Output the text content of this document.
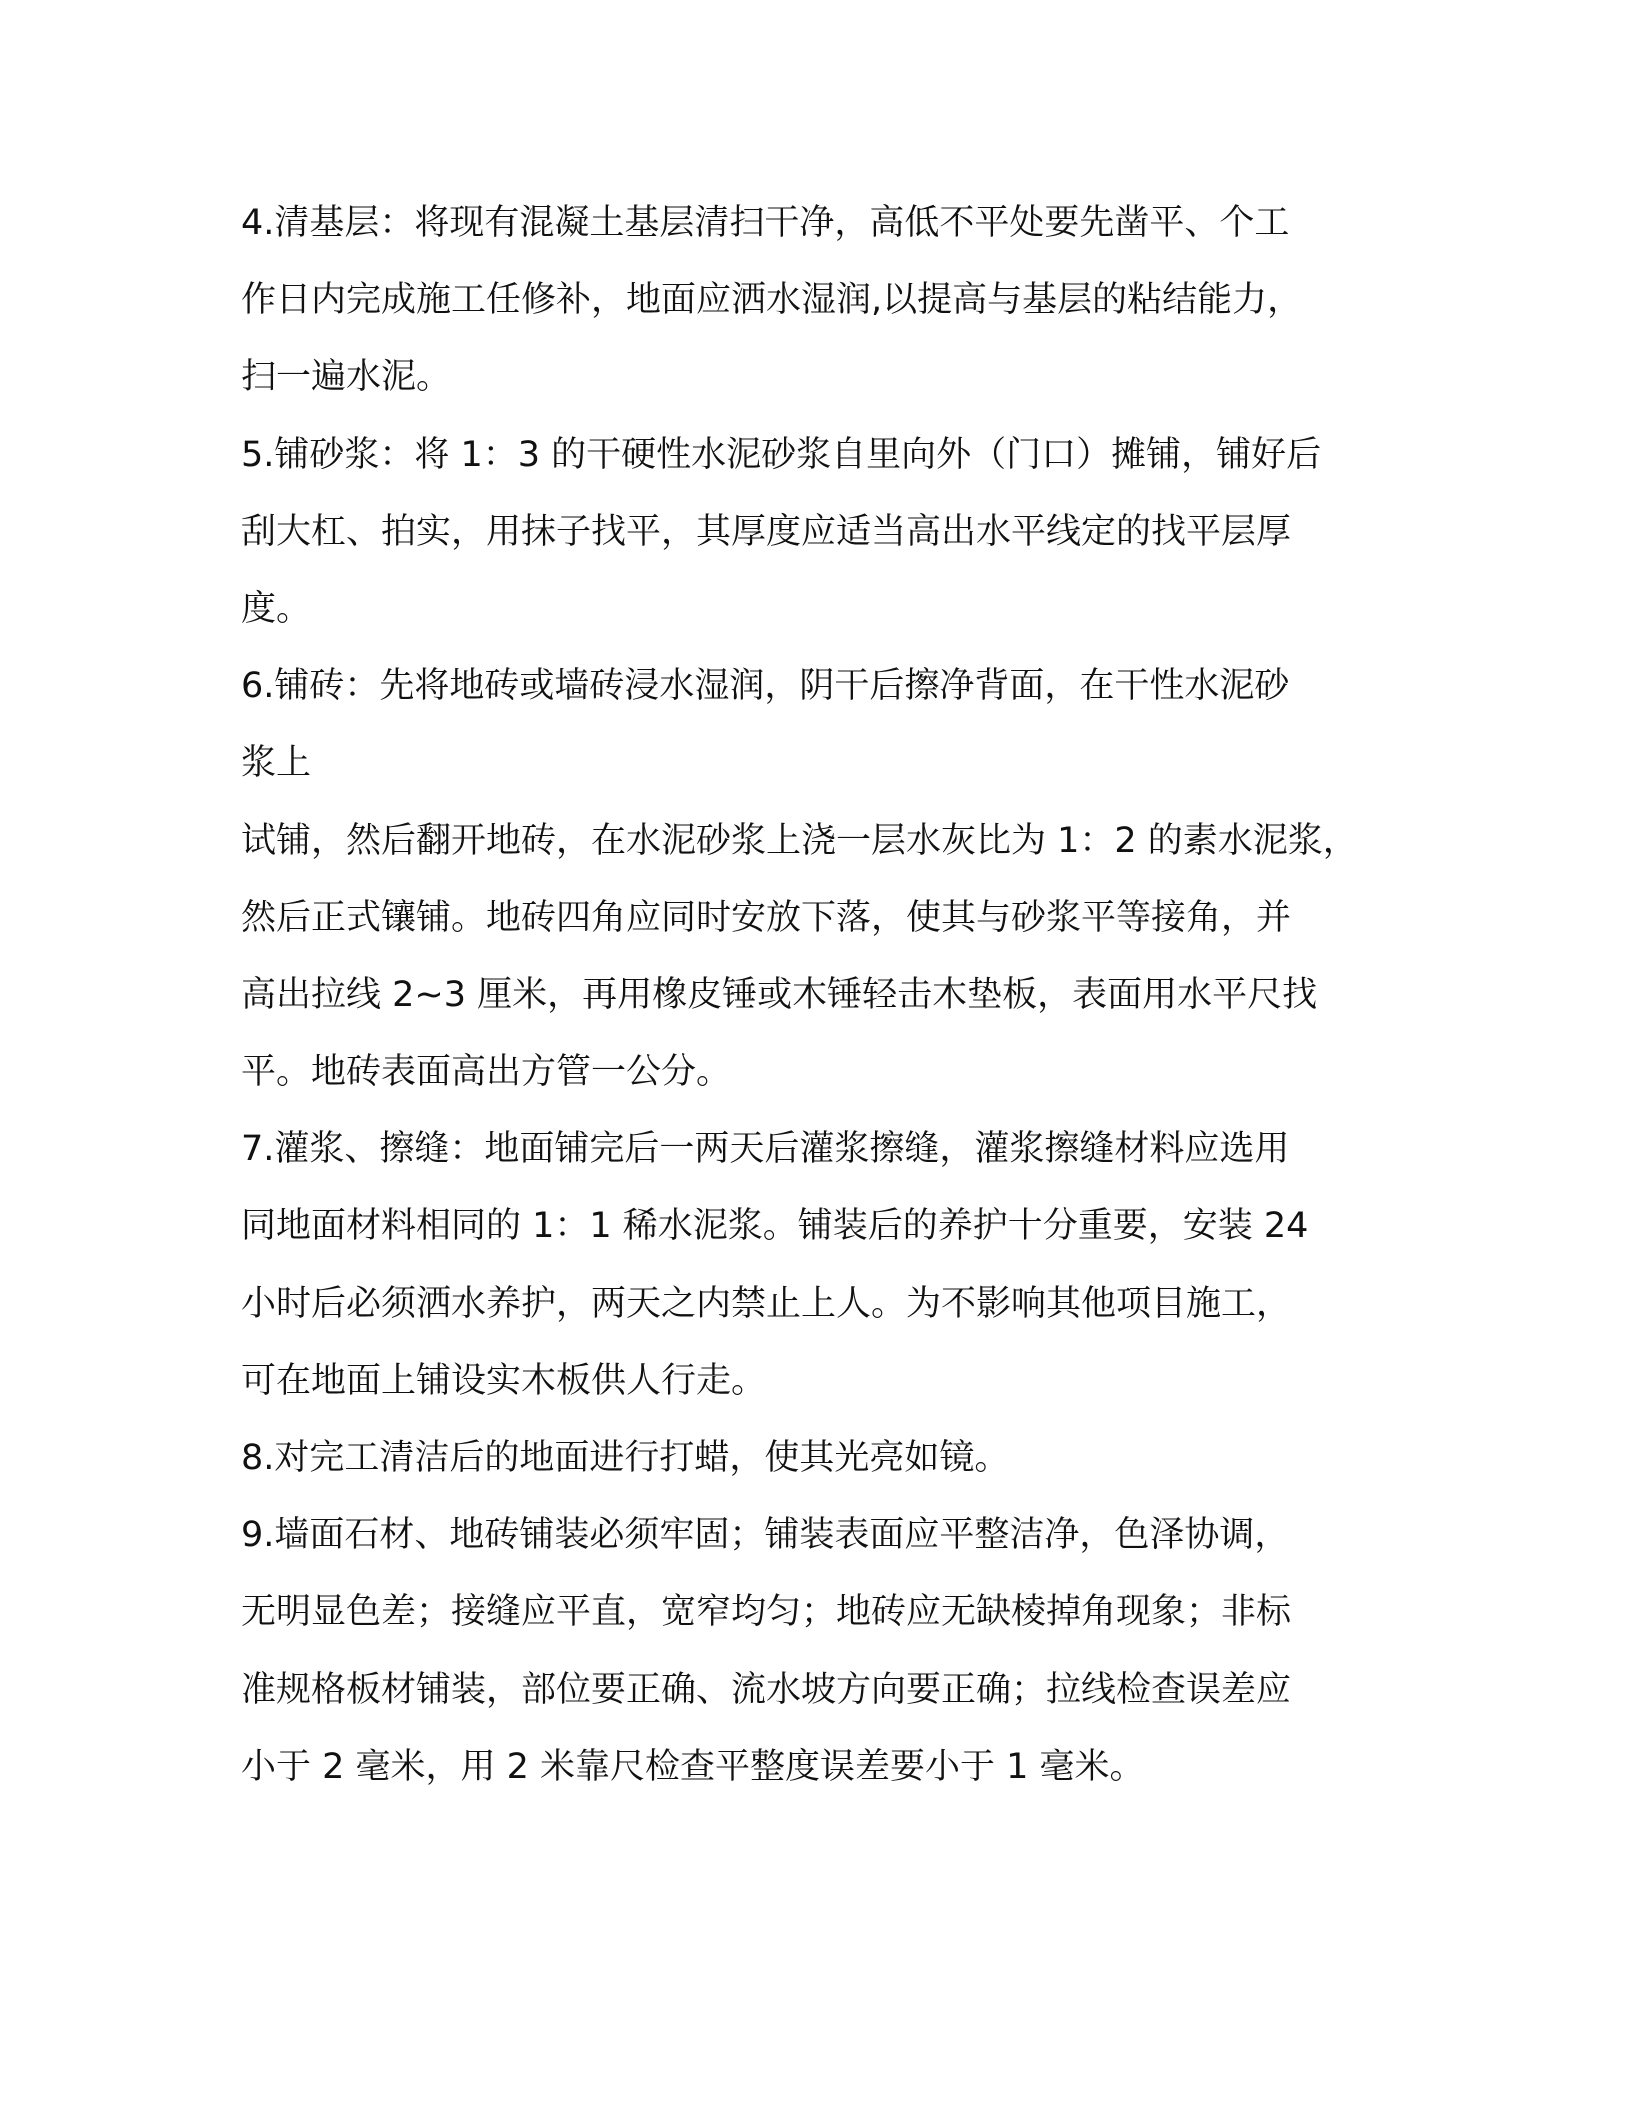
4.清基层：将现有混凝土基层清扫干净，高低不平处要先凿平、个工
作日内完成施工任修补，地面应洒水湿润,以提高与基层的粘结能力，
扫一遍水泥。
5.铺砂浆：将 1：3 的干硬性水泥砂浆自里向外（门口）摊铺，铺好后
刮大杠、拍实，用抹子找平，其厚度应适当高出水平线定的找平层厚
度。
6.铺砖：先将地砖或墙砖浸水湿润，阴干后擦净背面，在干性水泥砂
浆上
试铺，然后翻开地砖，在水泥砂浆上浇一层水灰比为 1：2 的素水泥浆，
然后正式镶铺。地砖四角应同时安放下落，使其与砂浆平等接角，并
高出拉线 2~3 厘米，再用橡皮锤或木锤轻击木垫板，表面用水平尺找
平。地砖表面高出方管一公分。
7.灌浆、擦缝：地面铺完后一两天后灌浆擦缝，灌浆擦缝材料应选用
同地面材料相同的 1：1 稀水泥浆。铺装后的养护十分重要，安装 24
小时后必须洒水养护，两天之内禁止上人。为不影响其他项目施工，
可在地面上铺设实木板供人行走。
8.对完工清洁后的地面进行打蜡，使其光亮如镜。
9.墙面石材、地砖铺装必须牢固；铺装表面应平整洁净，色泽协调，
无明显色差；接缝应平直，宽窄均匀；地砖应无缺棱掉角现象；非标
准规格板材铺装，部位要正确、流水坡方向要正确；拉线检查误差应
小于 2 毫米，用 2 米靠尺检查平整度误差要小于 1 毫米。
